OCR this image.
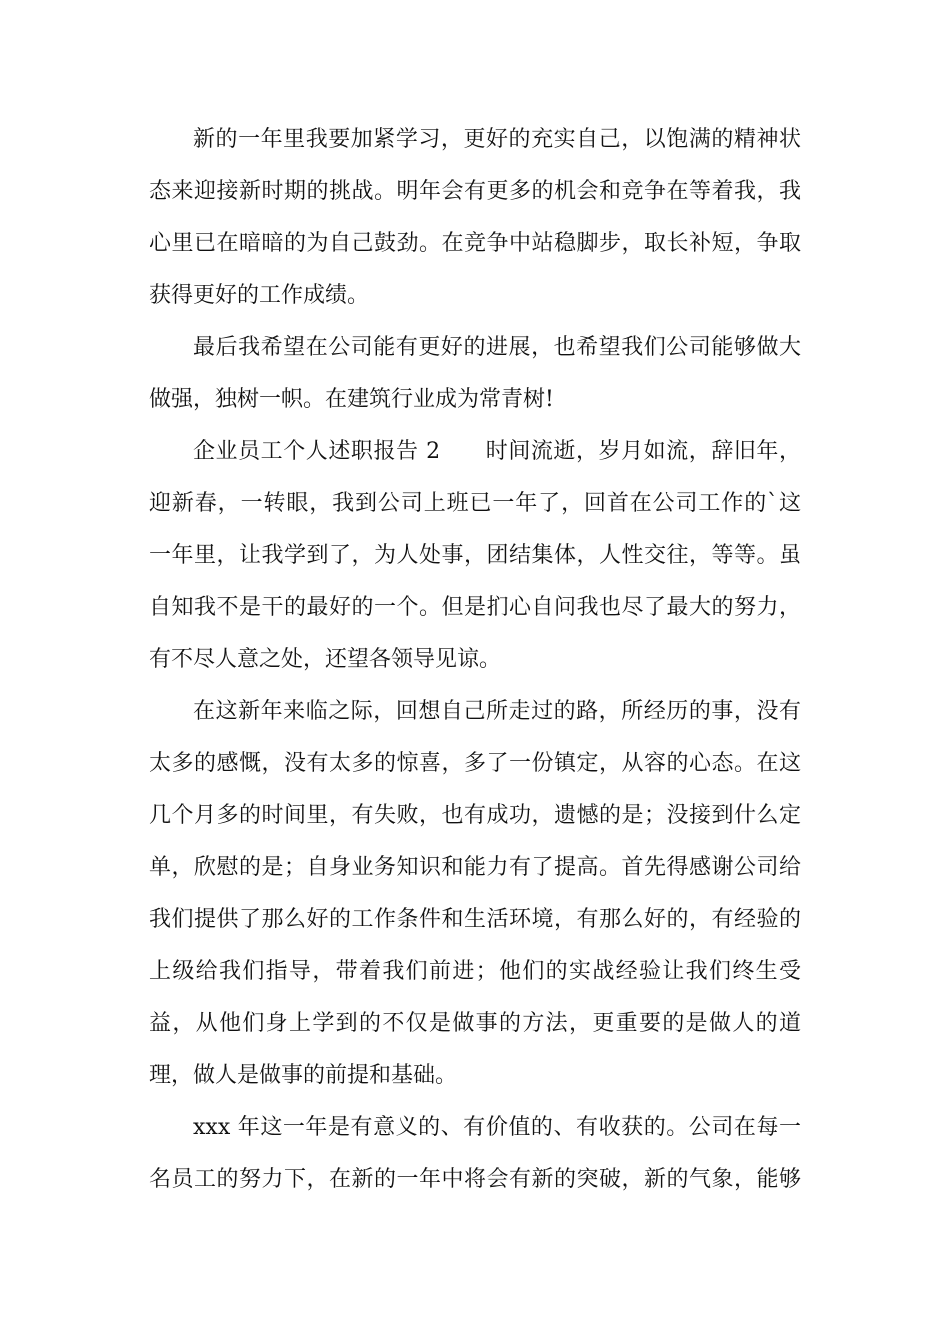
新的一年里我要加紧学习，更好的充实自己，以饱满的精神状
态来迎接新时期的挑战。明年会有更多的机会和竞争在等着我，我
心里已在暗暗的为自己鼓劲。在竞争中站稳脚步，取长补短，争取
获得更好的工作成绩。
最后我希望在公司能有更好的进展，也希望我们公司能够做大
做强，独树一帜。在建筑行业成为常青树!
企业员工个人述职报告 2　　时间流逝，岁月如流，辞旧年，
迎新春，一转眼，我到公司上班已一年了，回首在公司工作的`这
一年里，让我学到了，为人处事，团结集体，人性交往，等等。虽
自知我不是干的最好的一个。但是扪心自问我也尽了最大的努力，
有不尽人意之处，还望各领导见谅。
在这新年来临之际，回想自己所走过的路，所经历的事，没有
太多的感慨，没有太多的惊喜，多了一份镇定，从容的心态。在这
几个月多的时间里，有失败，也有成功，遗憾的是；没接到什么定
单，欣慰的是；自身业务知识和能力有了提高。首先得感谢公司给
我们提供了那么好的工作条件和生活环境，有那么好的，有经验的
上级给我们指导，带着我们前进；他们的实战经验让我们终生受
益，从他们身上学到的不仅是做事的方法，更重要的是做人的道
理，做人是做事的前提和基础。
xxx 年这一年是有意义的、有价值的、有收获的。公司在每一
名员工的努力下，在新的一年中将会有新的突破，新的气象，能够
